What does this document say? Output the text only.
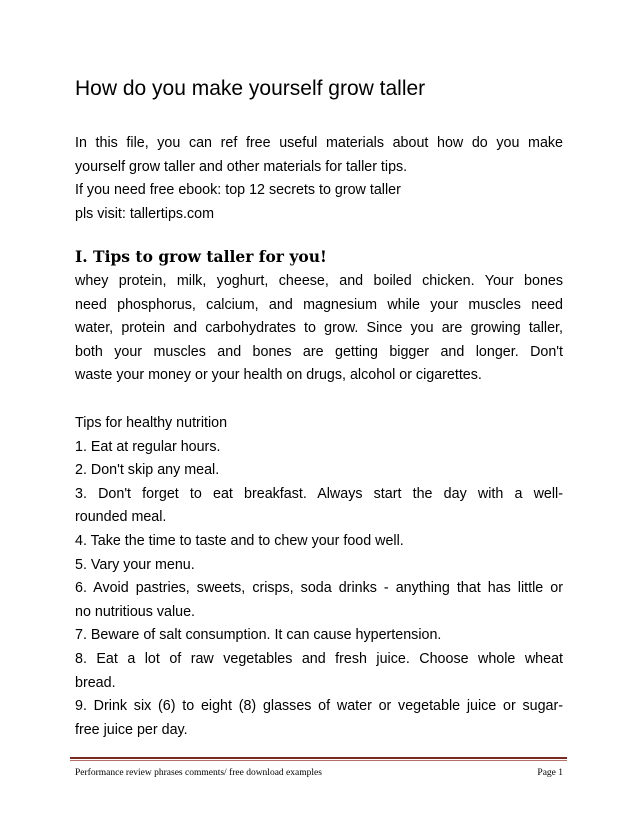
How do you make yourself grow taller
In this file, you can ref free useful materials about how do you make
yourself grow taller and other materials for taller tips.
If you need free ebook: top 12 secrets to grow taller
pls visit: tallertips.com
I. Tips to grow taller for you!
whey protein, milk, yoghurt, cheese, and boiled chicken. Your bones
need phosphorus, calcium, and magnesium while your muscles need
water, protein and carbohydrates to grow. Since you are growing taller,
both your muscles and bones are getting bigger and longer. Don't
waste your money or your health on drugs, alcohol or cigarettes.
Tips for healthy nutrition
1. Eat at regular hours.
2. Don't skip any meal.
3. Don't forget to eat breakfast. Always start the day with a well-
rounded meal.
4. Take the time to taste and to chew your food well.
5. Vary your menu.
6. Avoid pastries, sweets, crisps, soda drinks - anything that has little or
no nutritious value.
7. Beware of salt consumption. It can cause hypertension.
8. Eat a lot of raw vegetables and fresh juice. Choose whole wheat
bread.
9. Drink six (6) to eight (8) glasses of water or vegetable juice or sugar-
free juice per day.
Performance review phrases comments/ free download examples	Page 1
